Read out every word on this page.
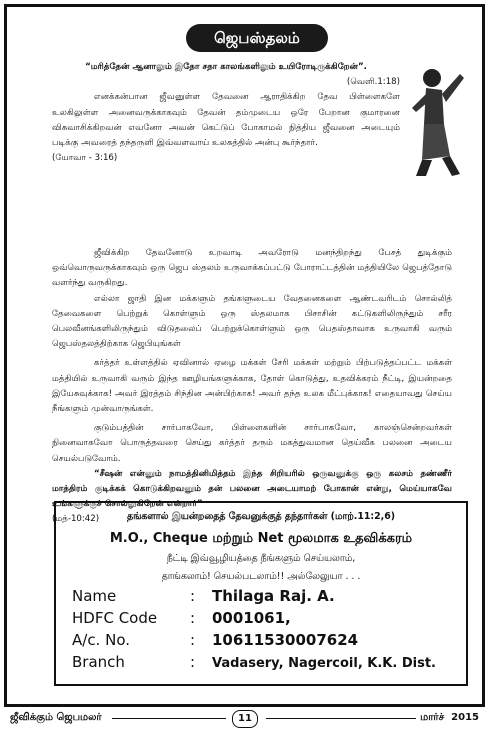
ஜெபஸ்தலம்

“மரித்தேன் ஆனாலும் இதோ சதா காலங்களிலும் உயிரோடிருக்கிறேன்”.

(வெளி.1:18)

எனக்கன்பான ஜீவனுள்ள தேவனை ஆராதிக்கிற தேவ பிள்ளைகளே உலகிலுள்ள அனைவருக்காகவும் தேவன் தம்முடைய ஒரே பேறான குமாரனை விசுவாசிக்கிறவன் எவனோ அவன் கெட்டுப் போகாமல் நித்திய ஜீவனை அடையும் படிக்கு அவரைத் தந்தருளி இவ்வளவாய் உலகத்தில் அன்பு கூர்ந்தார்.

(யோவா - 3:16)

ஜீவிக்கிற தேவனோடு உறவாடி அவரோடு மனந்திறந்து பேசத் துடிக்கும் ஒவ்வொருவருக்காகவும் ஒரு ஜெப ஸ்தலம் உருவாக்கப்பட்டு போராட்டத்தின் மத்தியிலே ஜெபத்தோடு வளர்ந்து வருகிறது.

எல்லா ஜாதி இன மக்களும் தங்களுடைய வேதனைகளை ஆண்டவரிடம் சொல்லித் தேவைகளை பெற்றுக் கொள்ளும் ஒரு ஸ்தலமாக பிசாசின் கட்டுகளிலிருந்தும் சரீர பெலவீனங்களிலிருந்தும் விடுதலைப் பெற்றுக்கொள்ளும் ஒரு பெதஸ்தாவாக உருவாகி வரும் ஜெபஸ்தலத்திற்காக ஜெபியுங்கள்

கர்த்தர் உள்ளத்தில் ஏவினால் ஏழை மக்கள் சேரி மக்கள் மற்றும் பிற்படுத்தப்பட்ட மக்கள் மத்தியில் உருவாகி வரும் இந்த ஊழியங்களுக்காக, தோள் கொடுத்து, உதவிக்கரம் நீட்டி, இயன்றதை இயேசுவுக்காக! அவர் இரத்தம் சிந்தின அன்பிற்காக! அவர் தந்த உலக மீட்புக்காக! எதையாவது செய்ய நீங்களும் முன்வாருங்கள்.

குடும்பத்தின் சார்பாகவோ, பிள்ளைகளின் சார்பாகவோ, காலஞ்சென்றவர்கள் நினைவாகவோ பொருத்தவரை செய்து கர்த்தர் தரும் மகத்துவமான தெய்வீக பலனை அடைய செயல்படுவோம்.

“சீஷன் என்னும் நாமத்தினிமித்தம் இந்த சிறியரில் ஒருவனுக்கு ஒரு கலசம் தண்ணீர் மாத்திரம் குடிக்கக் கொடுக்கிறவனும் தன் பலனை அடையாமற் போகான் என்று, மெய்யாகவே உங்களுக்குச் சொல்லுகிறேன் என்றார்”

(மத்-10:42)	தங்களால் இயன்றதைத் தேவனுக்குத் தந்தார்கள் (மாற்.11:2,6)
M.O., Cheque மற்றும் Net மூலமாக உதவிக்கரம்
நீட்டி இவ்வூழியத்தை நீங்களும் செய்யலாம்,
தாங்கலாம்! செயல்படலாம்!! அல்லேலுயா . . .
Name	: Thilaga Raj. A.
HDFC Code : 0001061,
A/c. No.	: 10611530007624
Branch	: Vadasery, Nagercoil, K.K. Dist.
ஜீவிக்கும் ஜெபமலர்	11	மார்ச் 2015
